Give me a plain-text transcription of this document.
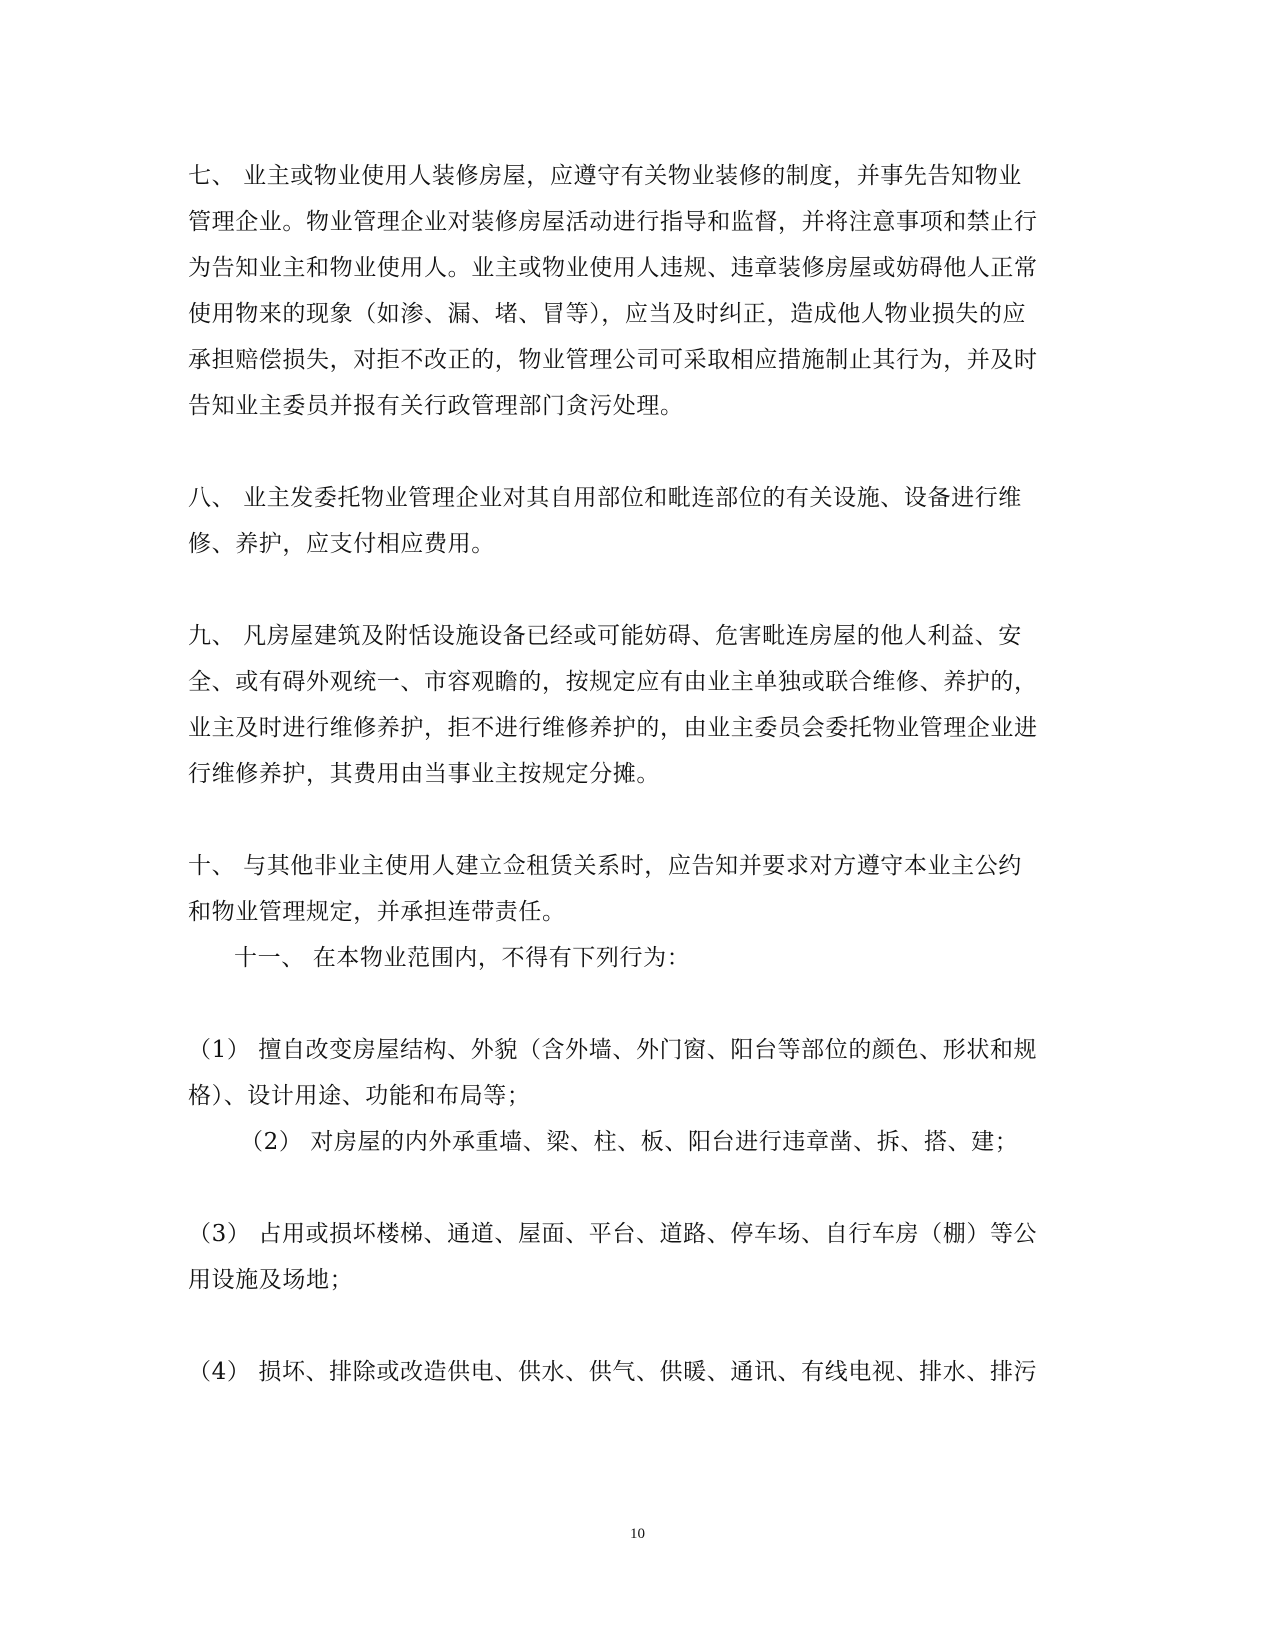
七、 业主或物业使用人装修房屋，应遵守有关物业装修的制度，并事先告知物业
管理企业。物业管理企业对装修房屋活动进行指导和监督，并将注意事项和禁止行
为告知业主和物业使用人。业主或物业使用人违规、违章装修房屋或妨碍他人正常
使用物来的现象（如渗、漏、堵、冒等），应当及时纠正，造成他人物业损失的应
承担赔偿损失，对拒不改正的，物业管理公司可采取相应措施制止其行为，并及时
告知业主委员并报有关行政管理部门贪污处理。
八、 业主发委托物业管理企业对其自用部位和毗连部位的有关设施、设备进行维
修、养护，应支付相应费用。
九、 凡房屋建筑及附恬设施设备已经或可能妨碍、危害毗连房屋的他人利益、安
全、或有碍外观统一、市容观瞻的，按规定应有由业主单独或联合维修、养护的，
业主及时进行维修养护，拒不进行维修养护的，由业主委员会委托物业管理企业进
行维修养护，其费用由当事业主按规定分摊。
十、 与其他非业主使用人建立佥租赁关系时，应告知并要求对方遵守本业主公约
和物业管理规定，并承担连带责任。
十一、 在本物业范围内，不得有下列行为：
（1） 擅自改变房屋结构、外貌（含外墙、外门窗、阳台等部位的颜色、形状和规
格）、设计用途、功能和布局等；
（2） 对房屋的内外承重墙、梁、柱、板、阳台进行违章凿、拆、搭、建；
（3） 占用或损坏楼梯、通道、屋面、平台、道路、停车场、自行车房（棚）等公
用设施及场地；
（4） 损坏、排除或改造供电、供水、供气、供暖、通讯、有线电视、排水、排污
10
